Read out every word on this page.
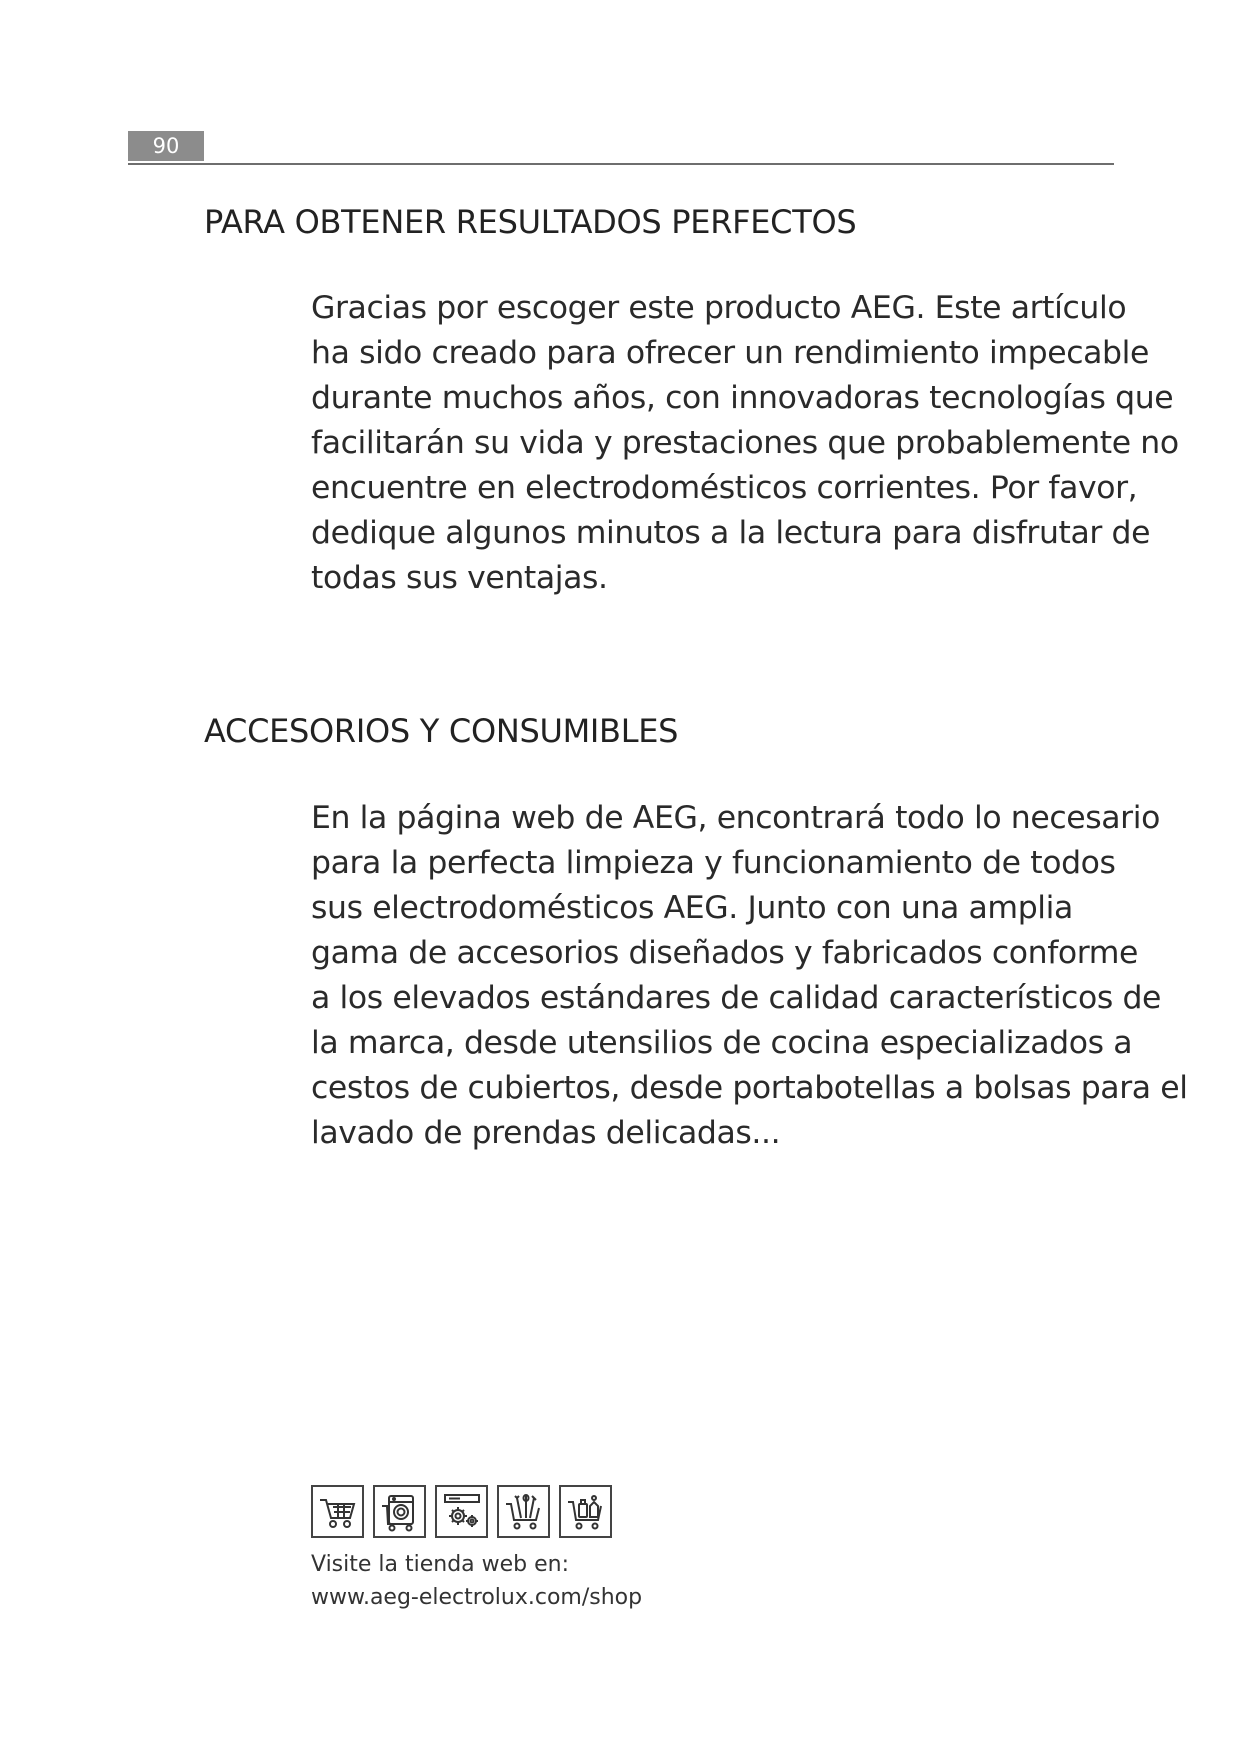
90
PARA OBTENER RESULTADOS PERFECTOS

Gracias por escoger este producto AEG. Este artículo
ha sido creado para ofrecer un rendimiento impecable
durante muchos años, con innovadoras tecnologías que
facilitarán su vida y prestaciones que probablemente no
encuentre en electrodomésticos corrientes. Por favor,
dedique algunos minutos a la lectura para disfrutar de
todas sus ventajas.

ACCESORIOS Y CONSUMIBLES

En la página web de AEG, encontrará todo lo necesario
para la perfecta limpieza y funcionamiento de todos
sus electrodomésticos AEG. Junto con una amplia
gama de accesorios diseñados y fabricados conforme
a los elevados estándares de calidad característicos de
la marca, desde utensilios de cocina especializados a
cestos de cubiertos, desde portabotellas a bolsas para el
lavado de prendas delicadas...

Visite la tienda web en:
www.aeg-electrolux.com/shop
